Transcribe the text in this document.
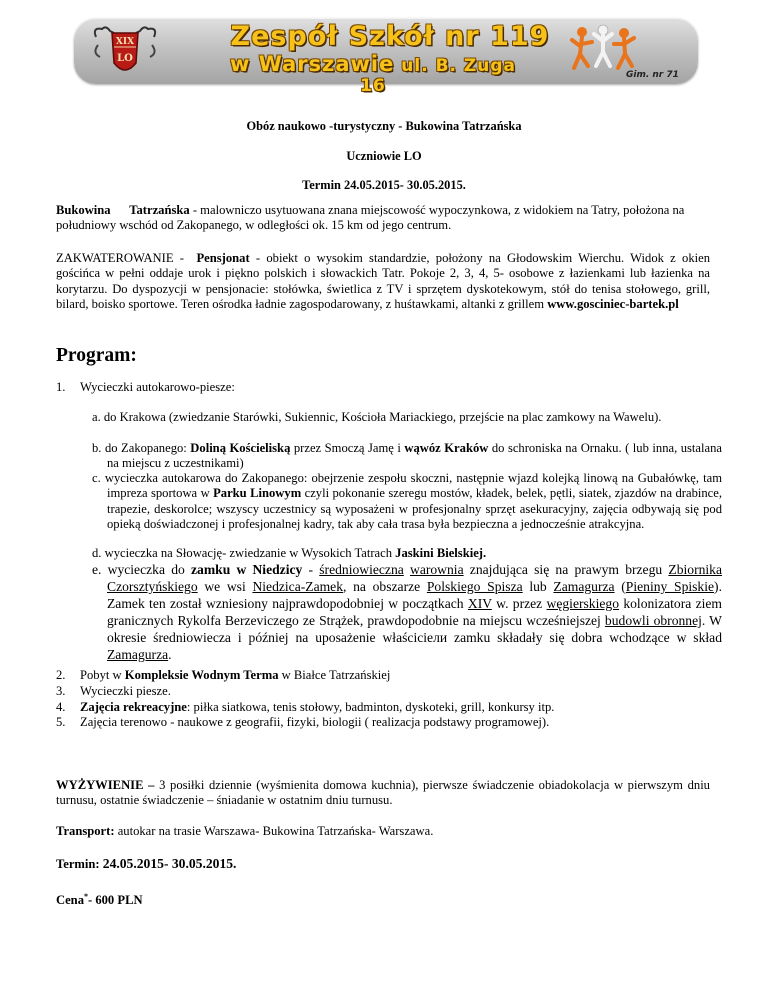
XIX
LO
Zespół Szkół nr 119
w Warszawie ul. B. Zuga 16
Gim. nr 71
Obóz naukowo -turystyczny - Bukowina Tatrzańska
Uczniowie LO
Termin 24.05.2015- 30.05.2015.
Bukowina      Tatrzańska - malowniczo usytuowana znana miejscowość wypoczynkowa, z widokiem na Tatry, położona na południowy wschód od Zakopanego, w odległości ok. 15 km od jego centrum.
ZAKWATEROWANIE -  Pensjonat - obiekt o wysokim standardzie, położony na Głodowskim Wierchu. Widok z okien gościńca w pełni oddaje urok i piękno polskich i słowackich Tatr. Pokoje 2, 3, 4, 5- osobowe z łazienkami lub łazienka na korytarzu. Do dyspozycji w pensjonacie: stołówka, świetlica z TV i sprzętem dyskotekowym, stół do tenisa stołowego, grill, bilard, boisko sportowe. Teren ośrodka ładnie zagospodarowany, z huśtawkami, altanki z grillem www.gosciniec-bartek.pl
Program:
1. Wycieczki autokarowo-piesze:
a. do Krakowa (zwiedzanie Starówki, Sukiennic, Kościoła Mariackiego, przejście na plac zamkowy na Wawelu).
b. do Zakopanego: Doliną Kościeliską przez Smoczą Jamę i wąwóz Kraków do schroniska na Ornaku. ( lub inna, ustalana na miejscu z uczestnikami)
c. wycieczka autokarowa do Zakopanego: obejrzenie zespołu skoczni, następnie wjazd kolejką linową na Gubałówkę, tam impreza sportowa w Parku Linowym czyli pokonanie szeregu mostów, kładek, belek, pętli, siatek, zjazdów na drabince, trapezie, deskorolce; wszyscy uczestnicy są wyposażeni w profesjonalny sprzęt asekuracyjny, zajęcia odbywają się pod opieką doświadczonej i profesjonalnej kadry, tak aby cała trasa była bezpieczna a jednocześnie atrakcyjna.
d. wycieczka na Słowację- zwiedzanie w Wysokich Tatrach Jaskini Bielskiej.
e. wycieczka do zamku w Niedzicy - średniowieczna warownia znajdująca się na prawym brzegu Zbiornika Czorsztyńskiego we wsi Niedzica-Zamek, na obszarze Polskiego Spisza lub Zamagurza (Pieniny Spiskie). Zamek ten został wzniesiony najprawdopodobniej w początkach XIV w. przez węgierskiego kolonizatora ziem granicznych Rykolfa Berzeviczego ze Strążek, prawdopodobnie na miejscu wcześniejszej budowli obronnej. W okresie średniowiecza i później na uposażenie właściciели zamku składały się dobra wchodzące w skład Zamagurza.
2. Pobyt w Kompleksie Wodnym Terma w Białce Tatrzańskiej
3. Wycieczki piesze.
4. Zajęcia rekreacyjne: piłka siatkowa, tenis stołowy, badminton, dyskoteki, grill, konkursy itp.
5. Zajęcia terenowo - naukowe z geografii, fizyki, biologii ( realizacja podstawy programowej).
WYŻYWIENIE – 3 posiłki dziennie (wyśmienita domowa kuchnia), pierwsze świadczenie obiadokolacja w pierwszym dniu turnusu, ostatnie świadczenie – śniadanie w ostatnim dniu turnusu.
Transport: autokar na trasie Warszawa- Bukowina Tatrzańska- Warszawa.
Termin: 24.05.2015- 30.05.2015.
Cena*- 600 PLN
